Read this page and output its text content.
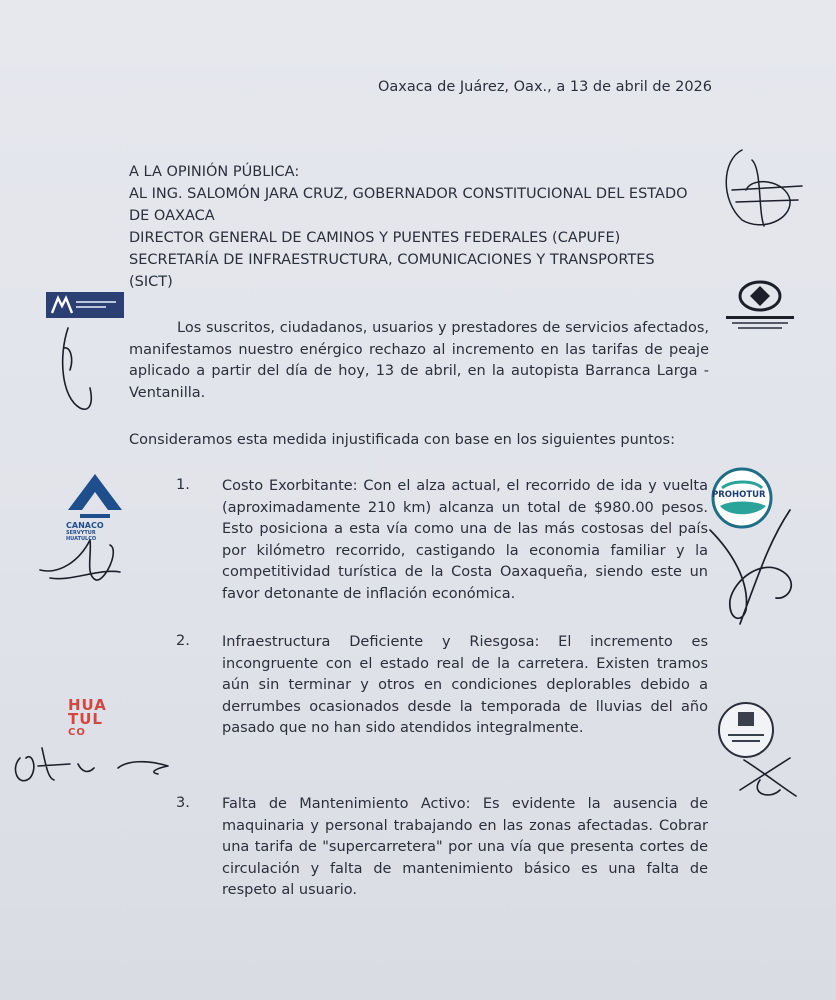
Oaxaca de Juárez, Oax., a 13 de abril de 2026
A LA OPINIÓN PÚBLICA:
AL ING. SALOMÓN JARA CRUZ, GOBERNADOR CONSTITUCIONAL DEL ESTADO
DE OAXACA
DIRECTOR GENERAL DE CAMINOS Y PUENTES FEDERALES (CAPUFE)
SECRETARÍA DE INFRAESTRUCTURA, COMUNICACIONES Y TRANSPORTES
(SICT)
Los suscritos, ciudadanos, usuarios y prestadores de servicios afectados, manifestamos nuestro enérgico rechazo al incremento en las tarifas de peaje aplicado a partir del día de hoy, 13 de abril, en la autopista Barranca Larga - Ventanilla.
Consideramos esta medida injustificada con base en los siguientes puntos:
1. Costo Exorbitante: Con el alza actual, el recorrido de ida y vuelta (aproximadamente 210 km) alcanza un total de $980.00 pesos. Esto posiciona a esta vía como una de las más costosas del país por kilómetro recorrido, castigando la economia familiar y la competitividad turística de la Costa Oaxaqueña, siendo este un favor detonante de inflación económica.
2. Infraestructura Deficiente y Riesgosa: El incremento es incongruente con el estado real de la carretera. Existen tramos aún sin terminar y otros en condiciones deplorables debido a derrumbes ocasionados desde la temporada de lluvias del año pasado que no han sido atendidos integralmente.
3. Falta de Mantenimiento Activo: Es evidente la ausencia de maquinaria y personal trabajando en las zonas afectadas. Cobrar una tarifa de "supercarretera" por una vía que presenta cortes de circulación y falta de mantenimiento básico es una falta de respeto al usuario.
CANACO
SERVYTUR HUATULCO
HUA
TUL
CO
PROHOTUR
